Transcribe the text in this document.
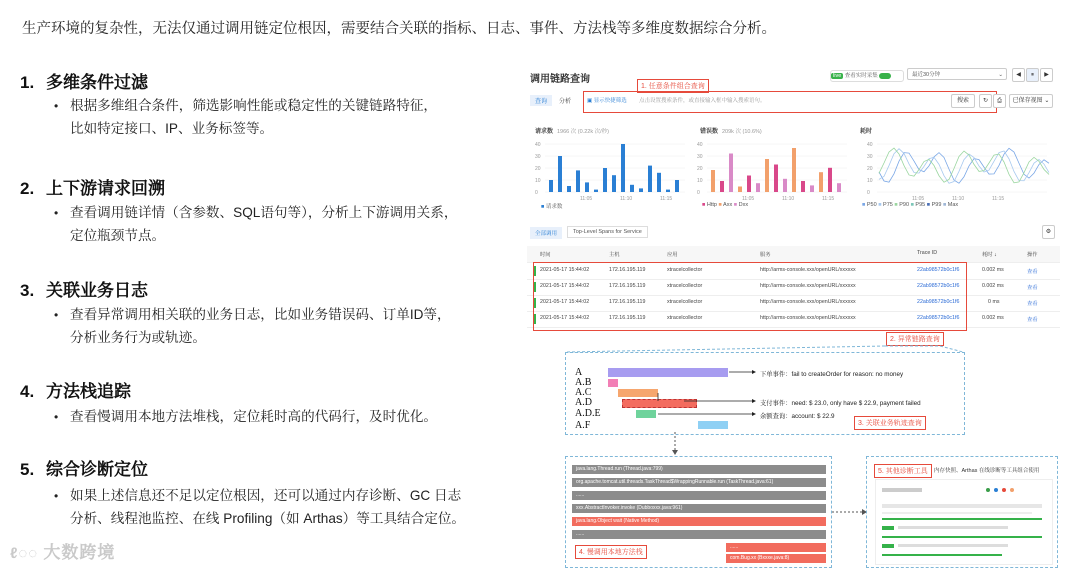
生产环境的复杂性，无法仅通过调用链定位根因，需要结合关联的指标、日志、事件、方法栈等多维度数据综合分析。
1. 多维条件过滤
• 根据多维组合条件，筛选影响性能或稳定性的关键链路特征，
比如特定接口、IP、业务标签等。
2. 上下游请求回溯
• 查看调用链详情（含参数、SQL语句等），分析上下游调用关系，
定位瓶颈节点。
3. 关联业务日志
• 查看异常调用相关联的业务日志，比如业务错误码、订单ID等，
分析业务行为或轨迹。
4. 方法栈追踪
• 查看慢调用本地方法堆栈，定位耗时高的代码行，及时优化。
5. 综合诊断定位
• 如果上述信息还不足以定位根因，还可以通过内存诊断、GC 日志
分析、线程池监控、在线 Profiling（如 Arthas）等工具结合定位。
ℓ◌◌ 大数跨境
调用链路查询
1. 任意条件组合查询
live 查看实时采集	最近30分钟	⌄	◀	⏸	▶
查询	分析	▣ 显示快捷筛选 点击设置搜索条件，或直接输入框中输入搜索语句。	搜索	↻	⎙	已保存视图 ⌄
请求数 1966 次 (0.22k 次/秒)	错误数 209k 次 (10.6%)	耗时
40
30
20
10
0
11:05	11:10	11:15
40
30
20
10
0
11:05	11:10	11:15
40
30
20
10
0
11:05	11:10	11:15
■ 请求数	■ Http ■ Axx ■ Dxx	■ P50 ■ P75 ■ P90 ■ P95 ■ P99 ■ Max
全部调用	Top-Level Spans for Service	⚙
时间	主机	应用	服务	Trace ID	耗时 ↓	操作
2021-05-17 15:44:02	172.16.195.119	xtracelcollector	http://arms-console.xxx/openURL/xxxxxx	22ab98572b0c1f6	0.002 ms	查看
2021-05-17 15:44:02	172.16.195.119	xtracelcollector	http://arms-console.xxx/openURL/xxxxxx	22ab98572b0c1f6	0.002 ms	查看
2021-05-17 15:44:02	172.16.195.119	xtracelcollector	http://arms-console.xxx/openURL/xxxxxx	22ab98572b0c1f6	0 ms	查看
2021-05-17 15:44:02	172.16.195.119	xtracelcollector	http://arms-console.xxx/openURL/xxxxxx	22ab98572b0c1f6	0.002 ms	查看
2. 异常链路查询
A
A.B
A.C
A.D
A.D.E
A.F
下单事件：fail to createOrder for reason: no money
支付事件：need: $ 23.0, only have $ 22.9, payment failed
余额查询：account: $ 22.9
3. 关联业务轨迹查询
java.lang.Thread.run (Thread.java:799)
org.apache.tomcat.util.threads.TaskThread$WrappingRunnable.run (TaskThread.java:61)
......
xxx.AbstractInvoker.invoke (Dubboxxx.java:961)
java.lang.Object wait (Native Method)
......
......
com.Bug.xx (Bxxxe.java:8)
4. 慢调用本地方法栈
5. 其他诊断工具	内存快照、Arthas 在线诊断等工具组合使用
